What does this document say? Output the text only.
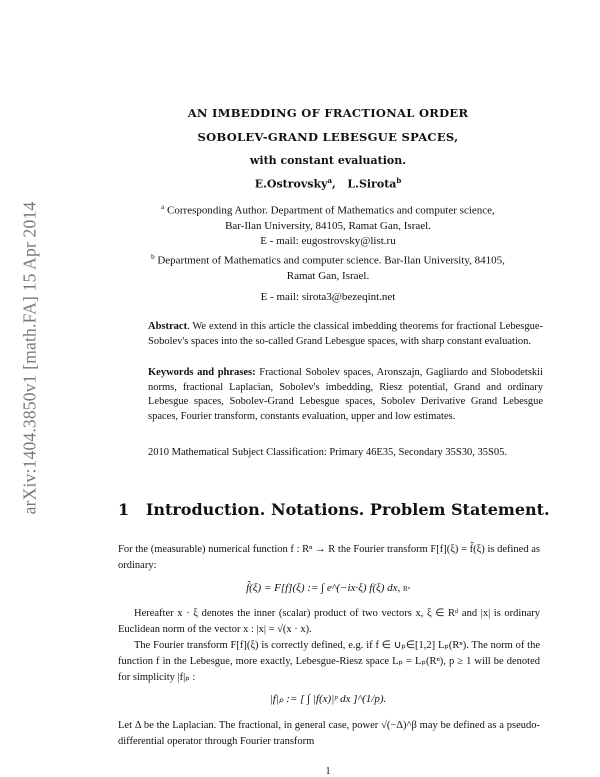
arXiv:1404.3850v1 [math.FA] 15 Apr 2014
AN IMBEDDING OF FRACTIONAL ORDER
SOBOLEV-GRAND LEBESGUE SPACES,
with constant evaluation.
E.Ostrovsky$^a$,   L.Sirota$^b$
$^a$ Corresponding Author. Department of Mathematics and computer science,
Bar-Ilan University, 84105, Ramat Gan, Israel.
E - mail: eugostrovsky@list.ru
$^b$ Department of Mathematics and computer science. Bar-Ilan University, 84105,
Ramat Gan, Israel.
E - mail: sirota3@bezeqint.net
Abstract. We extend in this article the classical imbedding theorems for fractional Lebesgue-Sobolev's spaces into the so-called Grand Lebesgue spaces, with sharp constant evaluation.
Keywords and phrases: Fractional Sobolev spaces, Aronszajn, Gagliardo and Slobodetskii norms, fractional Laplacian, Sobolev's imbedding, Riesz potential, Grand and ordinary Lebesgue spaces, Sobolev-Grand Lebesgue spaces, Sobolev Derivative Grand Lebesgue spaces, Fourier transform, constants evaluation, upper and low estimates.
2010 Mathematical Subject Classification: Primary 46E35, Secondary 35S30, 35S05.
1 Introduction. Notations. Problem Statement.
For the (measurable) numerical function f : Rⁿ → R the Fourier transform F[f](ξ) = f̂(ξ) is defined as ordinary:
f̂(ξ) = F[f](ξ) := ∫ e^(−ix·ξ) f(ξ) dx, Rⁿ
Hereafter x · ξ denotes the inner (scalar) product of two vectors x, ξ ∈ Rᵈ and |x| is ordinary Euclidean norm of the vector x : |x| = √(x · x).
The Fourier transform F[f](ξ) is correctly defined, e.g. if f ∈ ∪ₚ∈[1,2] Lₚ(Rⁿ). The norm of the function f in the Lebesgue, more exactly, Lebesgue-Riesz space Lₚ = Lₚ(Rⁿ), p ≥ 1 will be denoted for simplicity |f|ₚ :
|f|ₚ := [ ∫ |f(x)|ᵖ dx ]^(1/p).
Let Δ be the Laplacian. The fractional, in general case, power √(−Δ)^β may be defined as a pseudo-differential operator through Fourier transform
1
